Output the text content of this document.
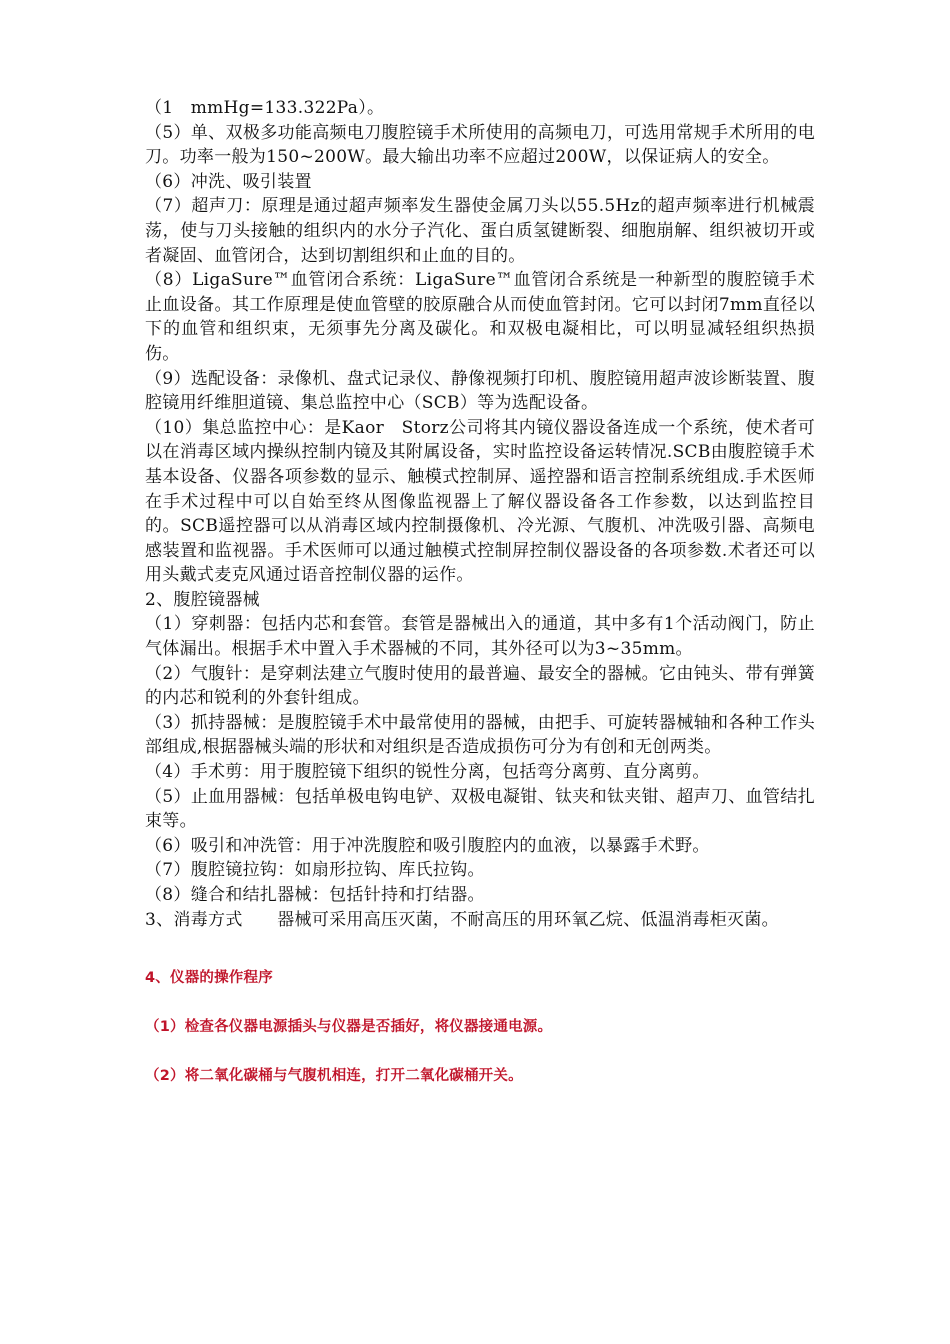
（1　mmHg=133.322Pa）。

（5）单、双极多功能高频电刀腹腔镜手术所使用的高频电刀，可选用常规手术所用的电刀。功率一般为150~200W。最大输出功率不应超过200W，以保证病人的安全。

（6）冲洗、吸引装置

（7）超声刀：原理是通过超声频率发生器使金属刀头以55.5Hz的超声频率进行机械震荡，使与刀头接触的组织内的水分子汽化、蛋白质氢键断裂、细胞崩解、组织被切开或者凝固、血管闭合，达到切割组织和止血的目的。

（8）LigaSure™血管闭合系统：LigaSure™血管闭合系统是一种新型的腹腔镜手术止血设备。其工作原理是使血管壁的胶原融合从而使血管封闭。它可以封闭7mm直径以下的血管和组织束，无须事先分离及碳化。和双极电凝相比，可以明显减轻组织热损伤。

（9）选配设备：录像机、盘式记录仪、静像视频打印机、腹腔镜用超声波诊断装置、腹腔镜用纤维胆道镜、集总监控中心（SCB）等为选配设备。

（10）集总监控中心：是Kaor　Storz公司将其内镜仪器设备连成一个系统，使术者可以在消毒区域内操纵控制内镜及其附属设备，实时监控设备运转情况.SCB由腹腔镜手术基本设备、仪器各项参数的显示、触模式控制屏、遥控器和语言控制系统组成.手术医师在手术过程中可以自始至终从图像监视器上了解仪器设备各工作参数，以达到监控目的。SCB遥控器可以从消毒区域内控制摄像机、冷光源、气腹机、冲洗吸引器、高频电感装置和监视器。手术医师可以通过触模式控制屏控制仪器设备的各项参数.术者还可以用头戴式麦克风通过语音控制仪器的运作。

2、腹腔镜器械

（1）穿刺器：包括内芯和套管。套管是器械出入的通道，其中多有1个活动阀门，防止气体漏出。根据手术中置入手术器械的不同，其外径可以为3~35mm。

（2）气腹针：是穿刺法建立气腹时使用的最普遍、最安全的器械。它由钝头、带有弹簧的内芯和锐利的外套针组成。

（3）抓持器械：是腹腔镜手术中最常使用的器械，由把手、可旋转器械轴和各种工作头部组成,根据器械头端的形状和对组织是否造成损伤可分为有创和无创两类。

（4）手术剪：用于腹腔镜下组织的锐性分离，包括弯分离剪、直分离剪。

（5）止血用器械：包括单极电钩电铲、双极电凝钳、钛夹和钛夹钳、超声刀、血管结扎束等。

（6）吸引和冲洗管：用于冲洗腹腔和吸引腹腔内的血液，以暴露手术野。

（7）腹腔镜拉钩：如扇形拉钩、库氏拉钩。

（8）缝合和结扎器械：包括针持和打结器。

3、消毒方式　　器械可采用高压灭菌，不耐高压的用环氧乙烷、低温消毒柜灭菌。

4、仪器的操作程序

（1）检查各仪器电源插头与仪器是否插好，将仪器接通电源。

（2）将二氧化碳桶与气腹机相连，打开二氧化碳桶开关。
